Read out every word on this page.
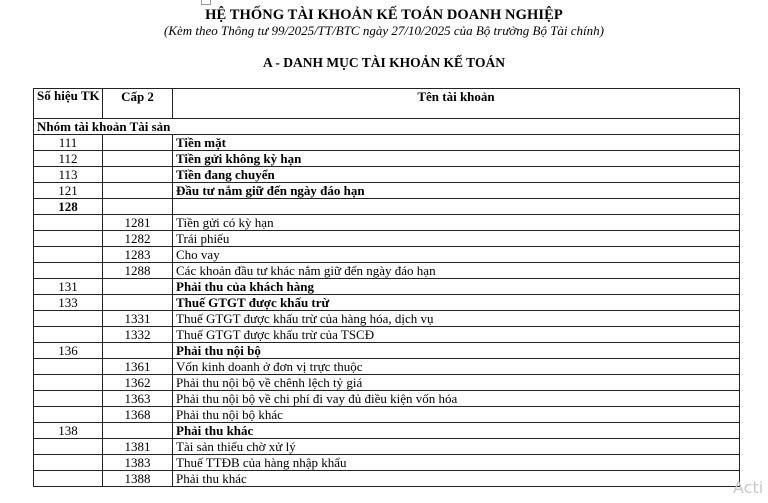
HỆ THỐNG TÀI KHOẢN KẾ TOÁN DOANH NGHIỆP
(Kèm theo Thông tư 99/2025/TT/BTC ngày 27/10/2025 của Bộ trưởng Bộ Tài chính)
A - DANH MỤC TÀI KHOẢN KẾ TOÁN
Số hiệu TK	Cấp 2	Tên tài khoản
Nhóm tài khoản Tài sản		
111		Tiền mặt
112		Tiền gửi không kỳ hạn
113		Tiền đang chuyển
121		Đầu tư nắm giữ đến ngày đáo hạn
128		
	1281	Tiền gửi có kỳ hạn
	1282	Trái phiếu
	1283	Cho vay
	1288	Các khoản đầu tư khác nắm giữ đến ngày đáo hạn
131		Phải thu của khách hàng
133		Thuế GTGT được khấu trừ
	1331	Thuế GTGT được khấu trừ của hàng hóa, dịch vụ
	1332	Thuế GTGT được khấu trừ của TSCĐ
136		Phải thu nội bộ
	1361	Vốn kinh doanh ở đơn vị trực thuộc
	1362	Phải thu nội bộ về chênh lệch tỷ giá
	1363	Phải thu nội bộ về chi phí đi vay đủ điều kiện vốn hóa
	1368	Phải thu nội bộ khác
138		Phải thu khác
	1381	Tài sản thiếu chờ xử lý
	1383	Thuế TTĐB của hàng nhập khẩu
	1388	Phải thu khác	Acti
